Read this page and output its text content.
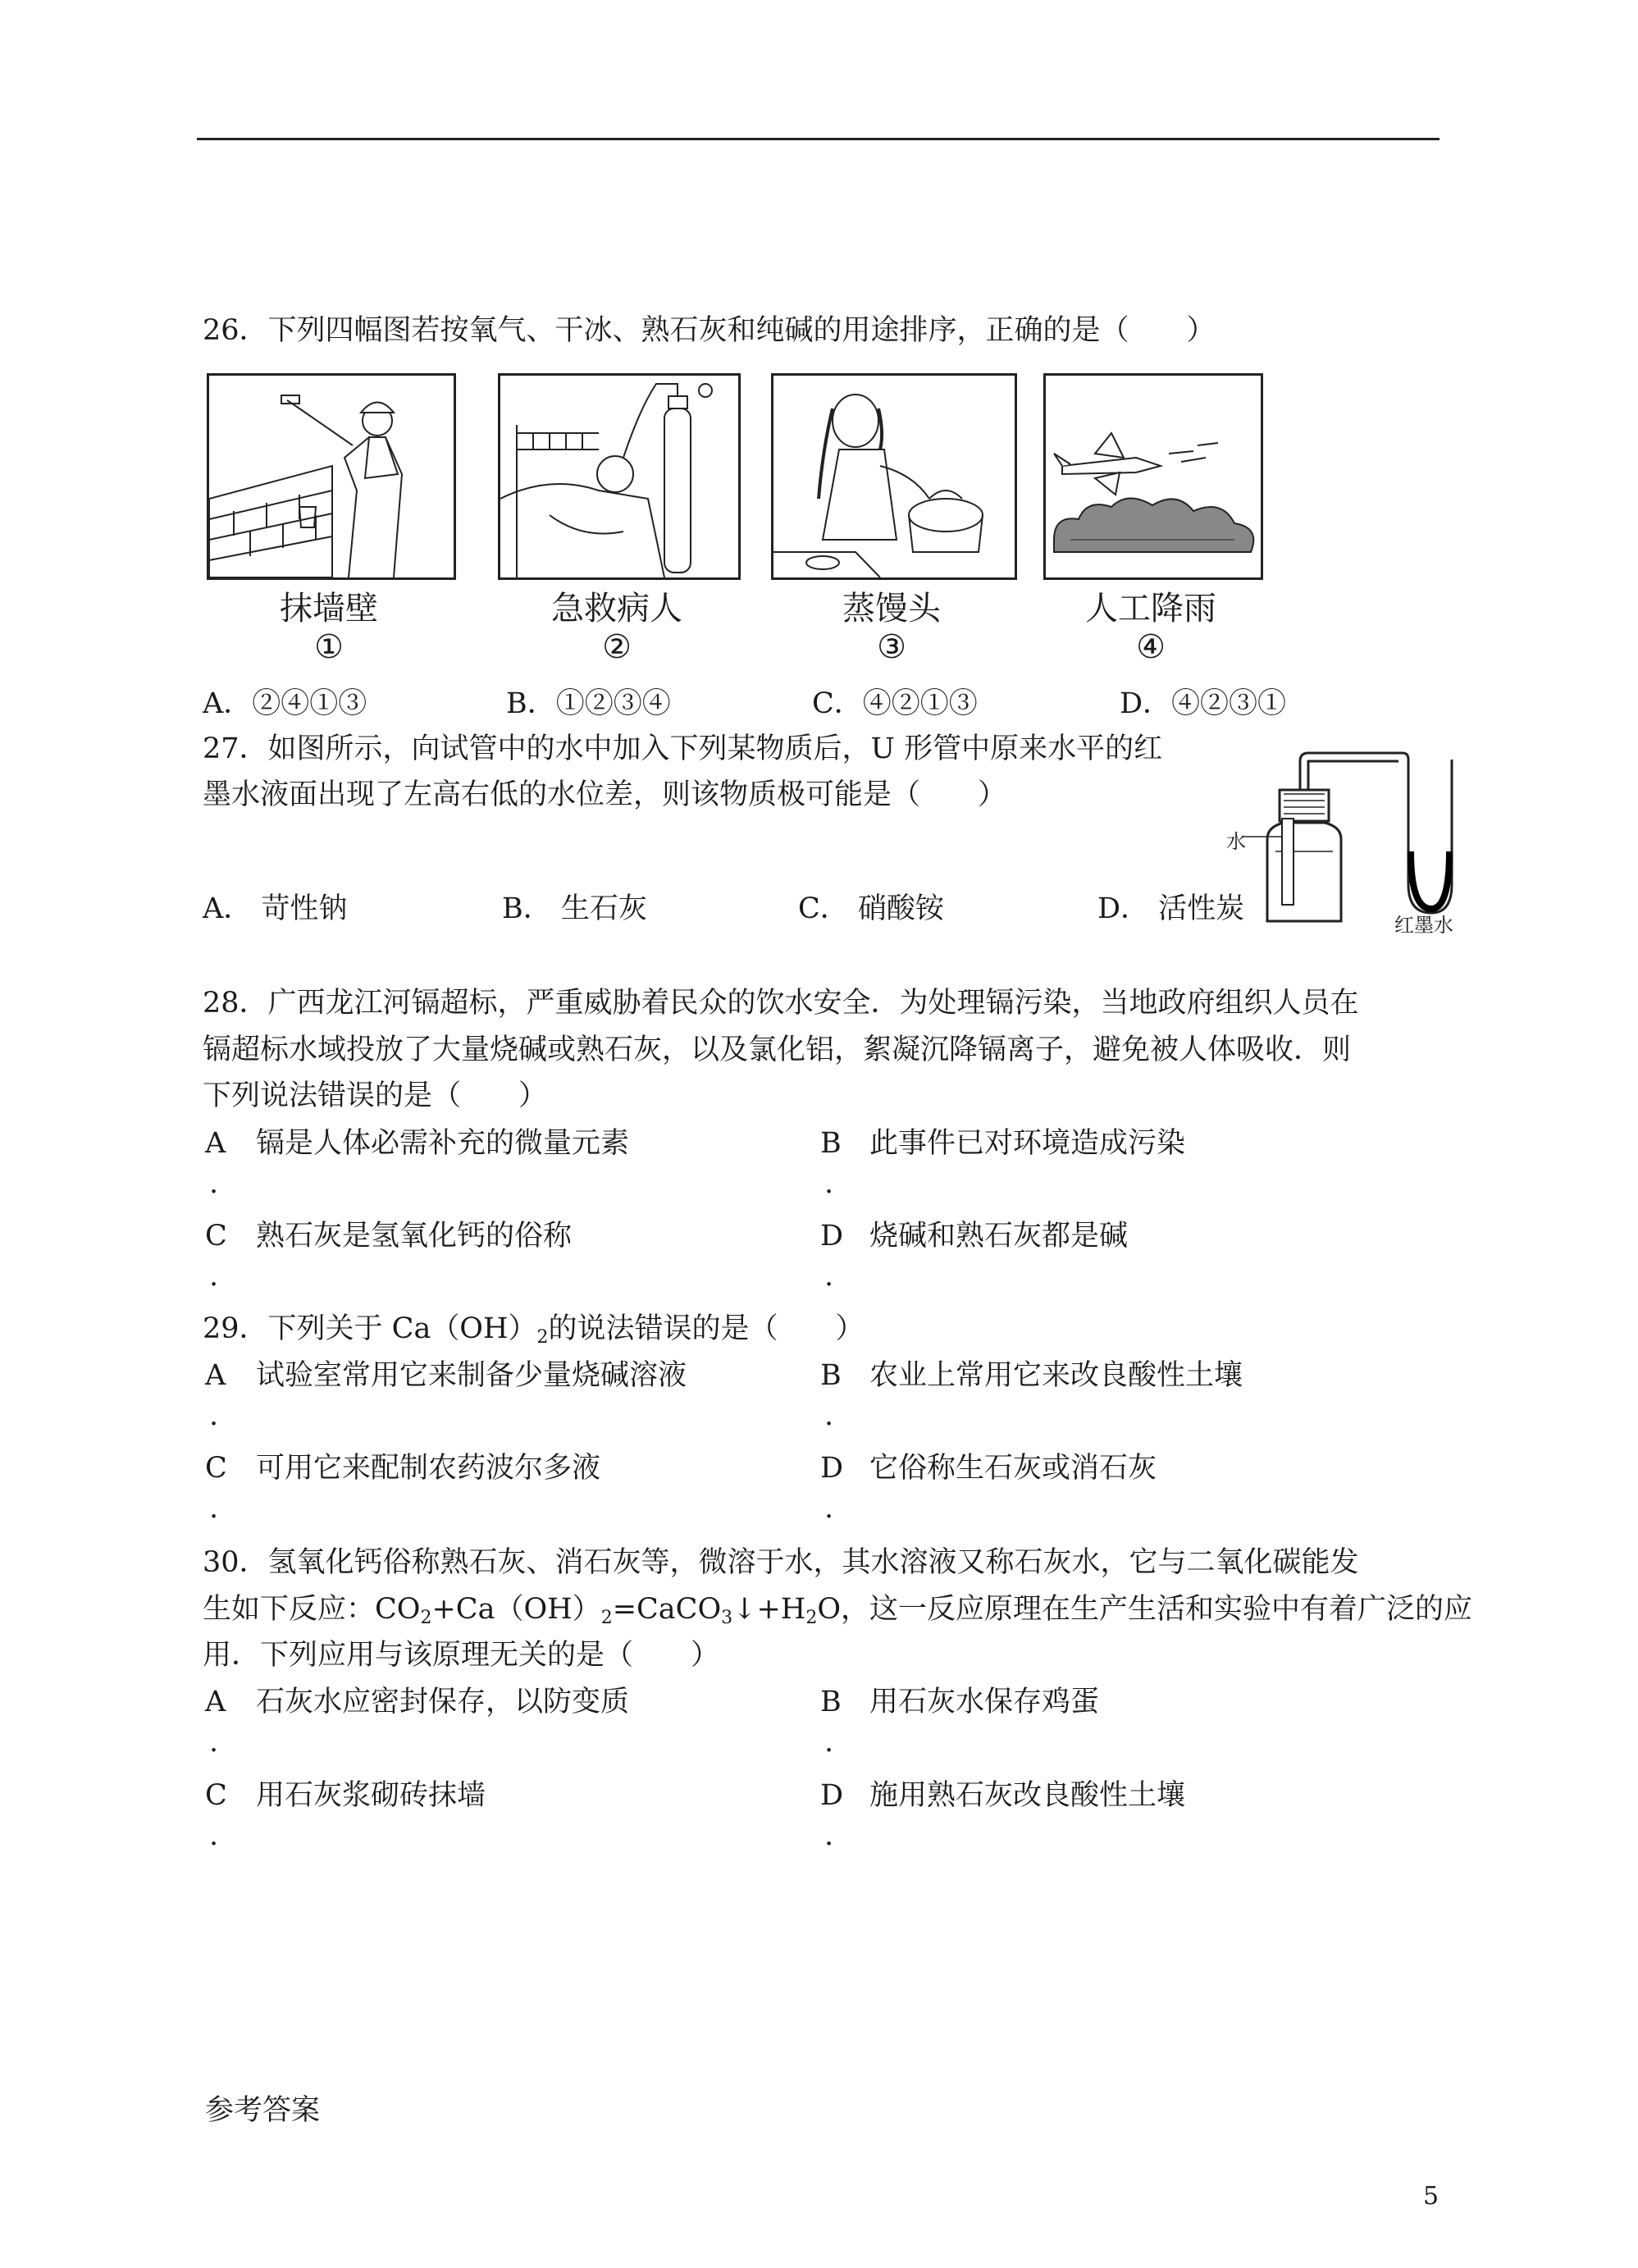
26．下列四幅图若按氧气、干冰、熟石灰和纯碱的用途排序，正确的是（　　）
抹墙壁
①
急救病人
②
蒸馒头
③
人工降雨
④
A．②④①③	B．①②③④	C．④②①③	D．④②③①
27．如图所示，向试管中的水中加入下列某物质后，U 形管中原来水平的红
墨水液面出现了左高右低的水位差，则该物质极可能是（　　）
水
红墨水
A． 苛性钠	B． 生石灰	C． 硝酸铵	D． 活性炭
28．广西龙江河镉超标，严重威胁着民众的饮水安全．为处理镉污染，当地政府组织人员在
镉超标水域投放了大量烧碱或熟石灰，以及氯化铝，絮凝沉降镉离子，避免被人体吸收．则
下列说法错误的是（　　）
A 镉是人体必需补充的微量元素
.
B 此事件已对环境造成污染
.
C 熟石灰是氢氧化钙的俗称
.
D 烧碱和熟石灰都是碱
.
29．下列关于 $Ca(OH)_2$的说法错误的是（　　）
A 试验室常用它来制备少量烧碱溶液
.
B 农业上常用它来改良酸性土壤
.
C 可用它来配制农药波尔多液
.
D 它俗称生石灰或消石灰
.
30．氢氧化钙俗称熟石灰、消石灰等，微溶于水，其水溶液又称石灰水，它与二氧化碳能发
生如下反应：$CO_2+Ca(OH)_2=CaCO_3↓+H_2O$，这一反应原理在生产生活和实验中有着广泛的应
用．下列应用与该原理无关的是（　　）
A 石灰水应密封保存，以防变质
.
B 用石灰水保存鸡蛋
.
C 用石灰浆砌砖抹墙
.
D 施用熟石灰改良酸性土壤
.
参考答案
5
